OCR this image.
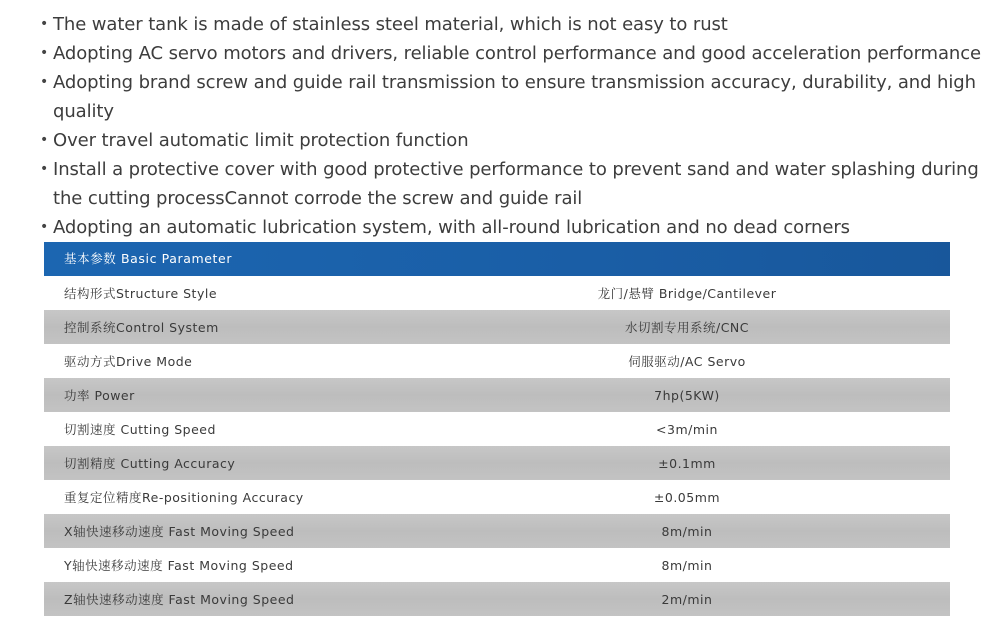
• The water tank is made of stainless steel material, which is not easy to rust
• Adopting AC servo motors and drivers, reliable control performance and good acceleration performance
• Adopting brand screw and guide rail transmission to ensure transmission accuracy, durability, and high quality
• Over travel automatic limit protection function
• Install a protective cover with good protective performance to prevent sand and water splashing during the cutting processCannot corrode the screw and guide rail
• Adopting an automatic lubrication system, with all-round lubrication and no dead corners
基本参数 Basic Parameter
结构形式Structure Style	龙门/悬臂 Bridge/Cantilever
控制系统Control System	水切割专用系统/CNC
驱动方式Drive Mode	伺服驱动/AC Servo
功率 Power	7hp(5KW)
切割速度 Cutting Speed	<3m/min
切割精度 Cutting Accuracy	±0.1mm
重复定位精度Re-positioning Accuracy	±0.05mm
X轴快速移动速度 Fast Moving Speed	8m/min
Y轴快速移动速度 Fast Moving Speed	8m/min
Z轴快速移动速度 Fast Moving Speed	2m/min
